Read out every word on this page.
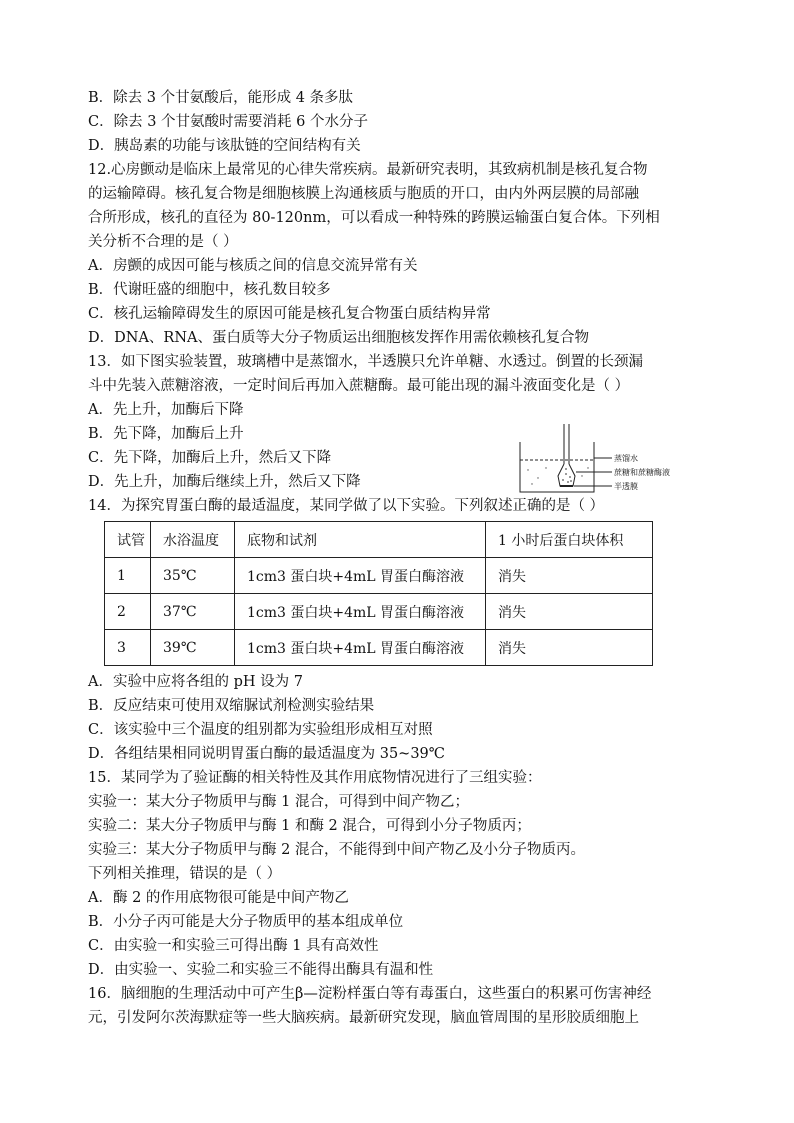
B．除去 3 个甘氨酸后，能形成 4 条多肽
C．除去 3 个甘氨酸时需要消耗 6 个水分子
D．胰岛素的功能与该肽链的空间结构有关
12.心房颤动是临床上最常见的心律失常疾病。最新研究表明，其致病机制是核孔复合物
的运输障碍。核孔复合物是细胞核膜上沟通核质与胞质的开口，由内外两层膜的局部融
合所形成，核孔的直径为 80-120nm，可以看成一种特殊的跨膜运输蛋白复合体。下列相
关分析不合理的是（ ）
A．房颤的成因可能与核质之间的信息交流异常有关
B．代谢旺盛的细胞中，核孔数目较多
C．核孔运输障碍发生的原因可能是核孔复合物蛋白质结构异常
D．DNA、RNA、蛋白质等大分子物质运出细胞核发挥作用需依赖核孔复合物
13．如下图实验装置，玻璃槽中是蒸馏水，半透膜只允许单糖、水透过。倒置的长颈漏
斗中先装入蔗糖溶液，一定时间后再加入蔗糖酶。最可能出现的漏斗液面变化是（ ）
A．先上升，加酶后下降
B．先下降，加酶后上升
C．先下降，加酶后上升，然后又下降
D．先上升，加酶后继续上升，然后又下降
蒸馏水
蔗糖和蔗糖酶液
半透膜
14．为探究胃蛋白酶的最适温度，某同学做了以下实验。下列叙述正确的是（ ）
试管	水浴温度	底物和试剂	1 小时后蛋白块体积
1	35℃	1cm3 蛋白块+4mL 胃蛋白酶溶液	消失
2	37℃	1cm3 蛋白块+4mL 胃蛋白酶溶液	消失
3	39℃	1cm3 蛋白块+4mL 胃蛋白酶溶液	消失
A．实验中应将各组的 pH 设为 7
B．反应结束可使用双缩脲试剂检测实验结果
C．该实验中三个温度的组别都为实验组形成相互对照
D．各组结果相同说明胃蛋白酶的最适温度为 35~39℃
15．某同学为了验证酶的相关特性及其作用底物情况进行了三组实验：
实验一：某大分子物质甲与酶 1 混合，可得到中间产物乙；
实验二：某大分子物质甲与酶 1 和酶 2 混合，可得到小分子物质丙；
实验三：某大分子物质甲与酶 2 混合，不能得到中间产物乙及小分子物质丙。
下列相关推理，错误的是（ ）
A．酶 2 的作用底物很可能是中间产物乙
B．小分子丙可能是大分子物质甲的基本组成单位
C．由实验一和实验三可得出酶 1 具有高效性
D．由实验一、实验二和实验三不能得出酶具有温和性
16．脑细胞的生理活动中可产生β—淀粉样蛋白等有毒蛋白，这些蛋白的积累可伤害神经
元，引发阿尔茨海默症等一些大脑疾病。最新研究发现，脑血管周围的星形胶质细胞上
